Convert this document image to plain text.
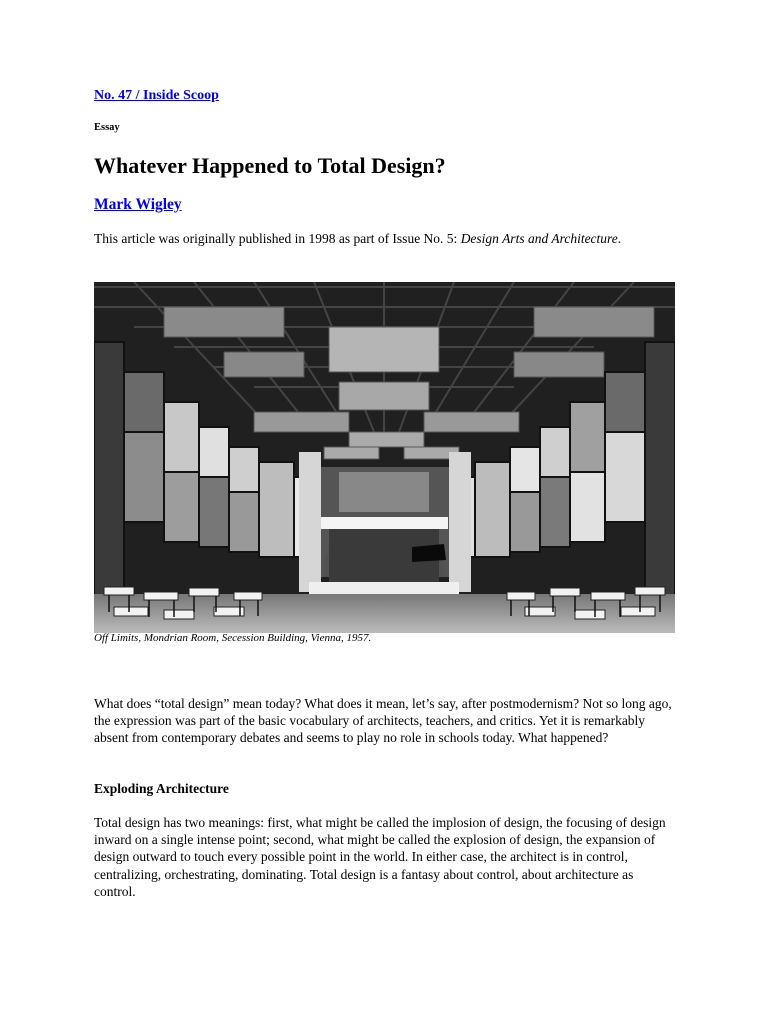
No. 47 / Inside Scoop
Essay
Whatever Happened to Total Design?
Mark Wigley

This article was originally published in 1998 as part of Issue No. 5: Design Arts and Architecture.

Off Limits, Mondrian Room, Secession Building, Vienna, 1957.

What does “total design” mean today? What does it mean, let’s say, after postmodernism? Not so long ago, the expression was part of the basic vocabulary of architects, teachers, and critics. Yet it is remarkably absent from contemporary debates and seems to play no role in schools today. What happened?

Exploding Architecture

Total design has two meanings: first, what might be called the implosion of design, the focusing of design inward on a single intense point; second, what might be called the explosion of design, the expansion of design outward to touch every possible point in the world. In either case, the architect is in control, centralizing, orchestrating, dominating. Total design is a fantasy about control, about architecture as control.
